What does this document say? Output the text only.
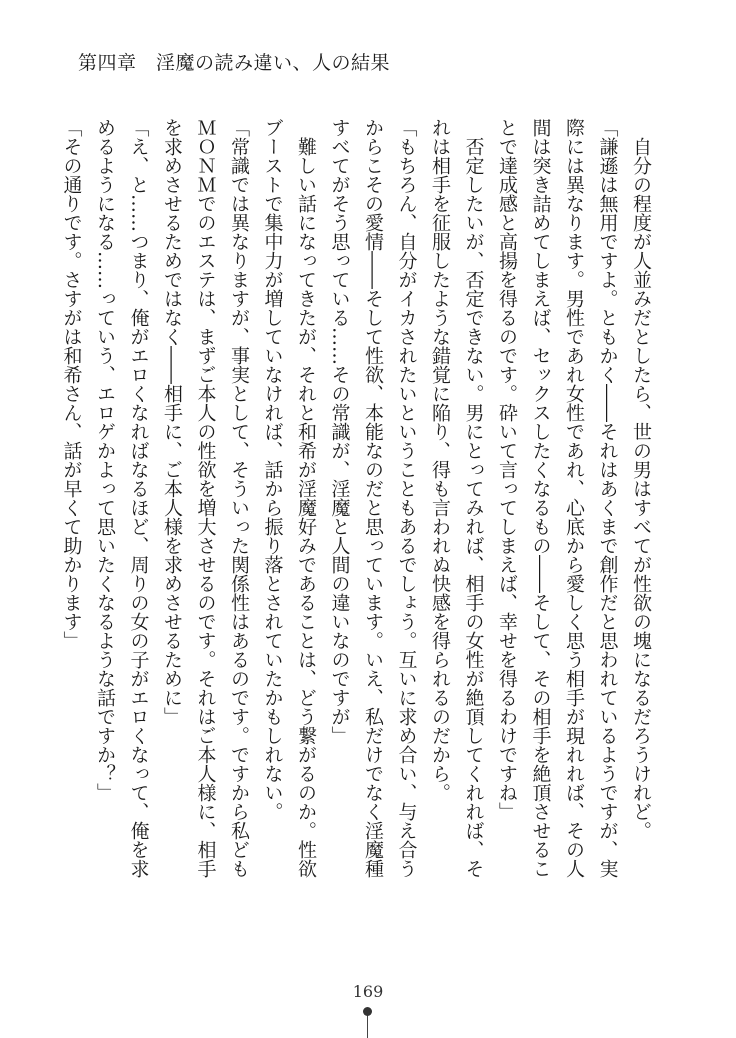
第四章　淫魔の読み違い、人の結果
　自分の程度が人並みだとしたら、世の男はすべてが性欲の塊になるだろうけれど。
「謙遜は無用ですよ。ともかく――それはあくまで創作だと思われているようですが、実
際には異なります。男性であれ女性であれ、心底から愛しく思う相手が現れれば、その人
間は突き詰めてしまえば、セックスしたくなるもの――そして、その相手を絶頂させるこ
とで達成感と高揚を得るのです。砕いて言ってしまえば、幸せを得るわけですね」
　否定したいが、否定できない。男にとってみれば、相手の女性が絶頂してくれれば、そ
れは相手を征服したような錯覚に陥り、得も言われぬ快感を得られるのだから。
「もちろん、自分がイカされたいということもあるでしょう。互いに求め合い、与え合う
からこその愛情――そして性欲、本能なのだと思っています。いえ、私だけでなく淫魔種
すべてがそう思っている……その常識が、淫魔と人間の違いなのですが」
　難しい話になってきたが、それと和希が淫魔好みであることは、どう繋がるのか。性欲
ブーストで集中力が増していなければ、話から振り落とされていたかもしれない。
「常識では異なりますが、事実として、そういった関係性はあるのです。ですから私ども
ＭＯＮＭでのエステは、まずご本人の性欲を増大させるのです。それはご本人様に、相手
を求めさせるためではなく――相手に、ご本人様を求めさせるために」
「え、と……つまり、俺がエロくなればなるほど、周りの女の子がエロくなって、俺を求
めるようになる……っていう、エロゲかよって思いたくなるような話ですか？」
「その通りです。さすがは和希さん、話が早くて助かります」
169
